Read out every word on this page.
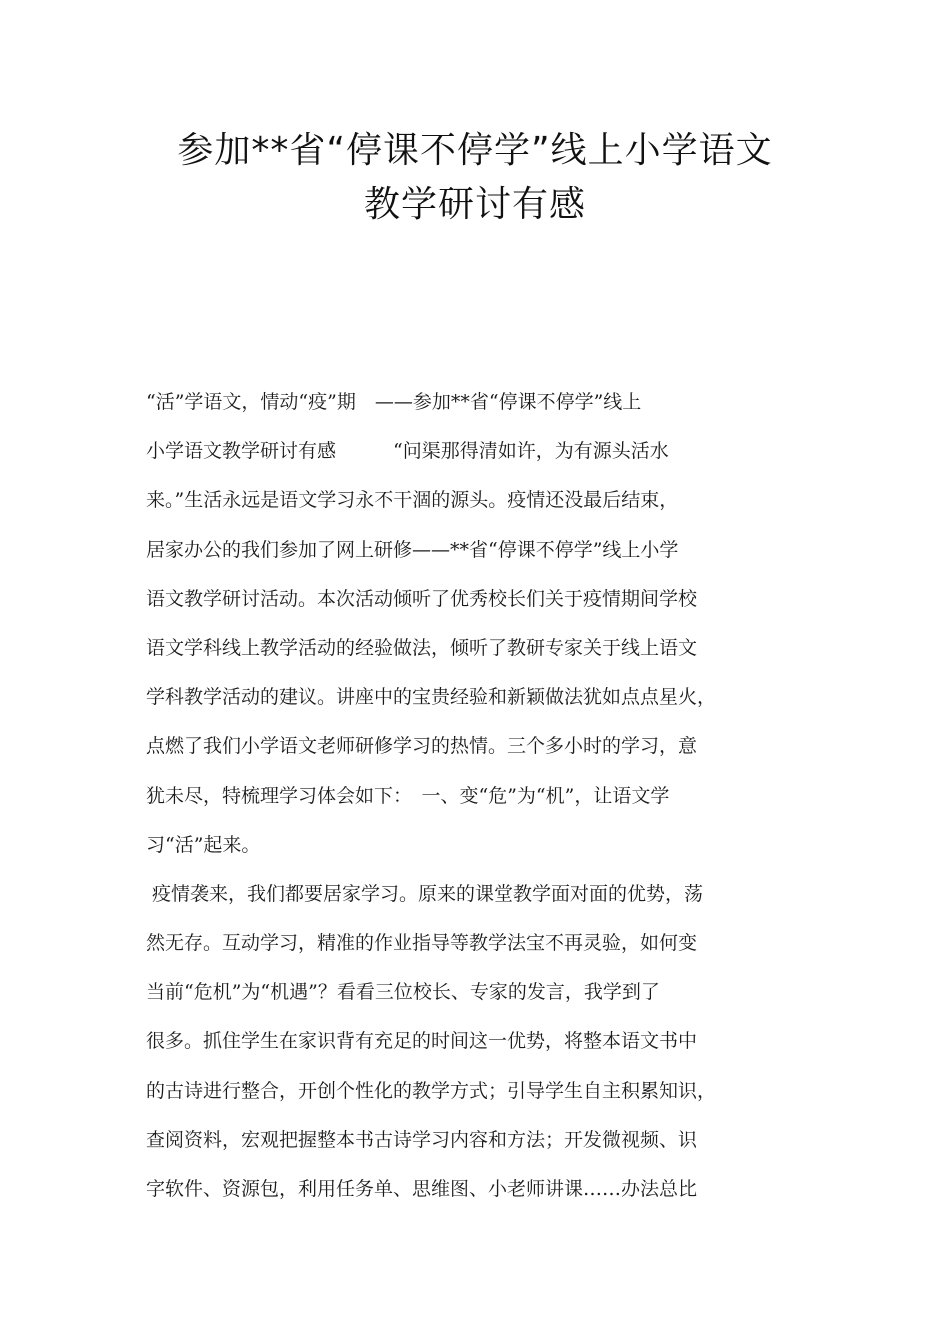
参加**省“停课不停学”线上小学语文
教学研讨有感
“活”学语文，情动“疫”期　——参加**省“停课不停学”线上
小学语文教学研讨有感　　　“问渠那得清如许，为有源头活水
来。”生活永远是语文学习永不干涸的源头。疫情还没最后结束，
居家办公的我们参加了网上研修——**省“停课不停学”线上小学
语文教学研讨活动。本次活动倾听了优秀校长们关于疫情期间学校
语文学科线上教学活动的经验做法，倾听了教研专家关于线上语文
学科教学活动的建议。讲座中的宝贵经验和新颖做法犹如点点星火，
点燃了我们小学语文老师研修学习的热情。三个多小时的学习，意
犹未尽，特梳理学习体会如下：　一、变“危”为“机”，让语文学
习“活”起来。
疫情袭来，我们都要居家学习。原来的课堂教学面对面的优势，荡
然无存。互动学习，精准的作业指导等教学法宝不再灵验，如何变
当前“危机”为“机遇”？看看三位校长、专家的发言，我学到了
很多。抓住学生在家识背有充足的时间这一优势，将整本语文书中
的古诗进行整合，开创个性化的教学方式；引导学生自主积累知识，
查阅资料，宏观把握整本书古诗学习内容和方法；开发微视频、识
字软件、资源包，利用任务单、思维图、小老师讲课……办法总比
